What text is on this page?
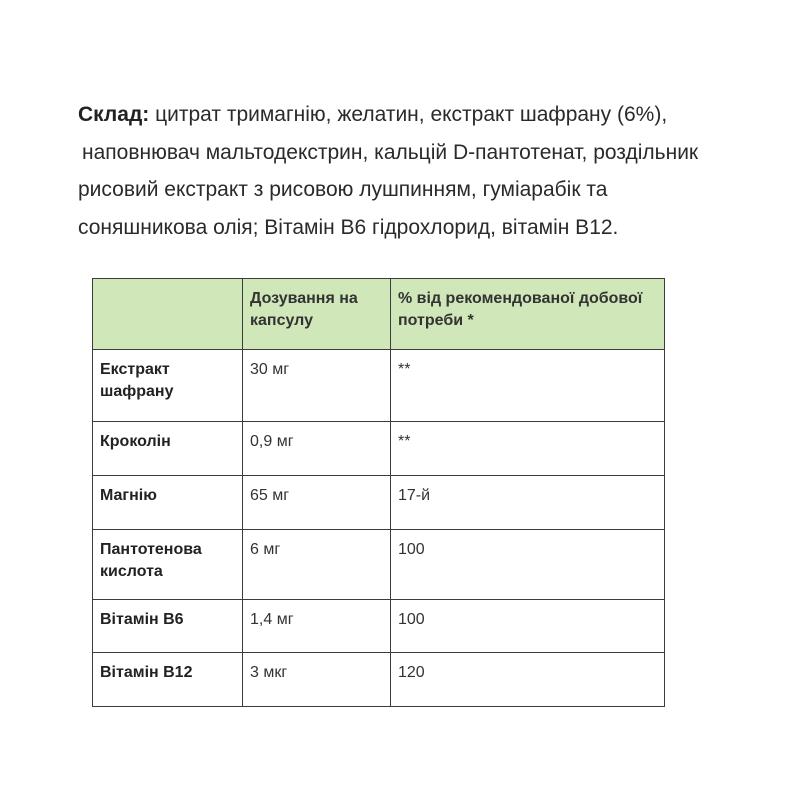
Склад: цитрат тримагнію, желатин, екстракт шафрану (6%),
наповнювач мальтодекстрин, кальцій D-пантотенат, роздільник
рисовий екстракт з рисовою лушпинням, гуміарабік та
соняшникова олія; Вітамін B6 гідрохлорид, вітамін B12.
	Дозування на капсулу	% від рекомендованої добової потреби *
Екстракт шафрану	30 мг	**
Кроколін	0,9 мг	**
Магнію	65 мг	17-й
Пантотенова кислота	6 мг	100
Вітамін B6	1,4 мг	100
Вітамін B12	3 мкг	120
